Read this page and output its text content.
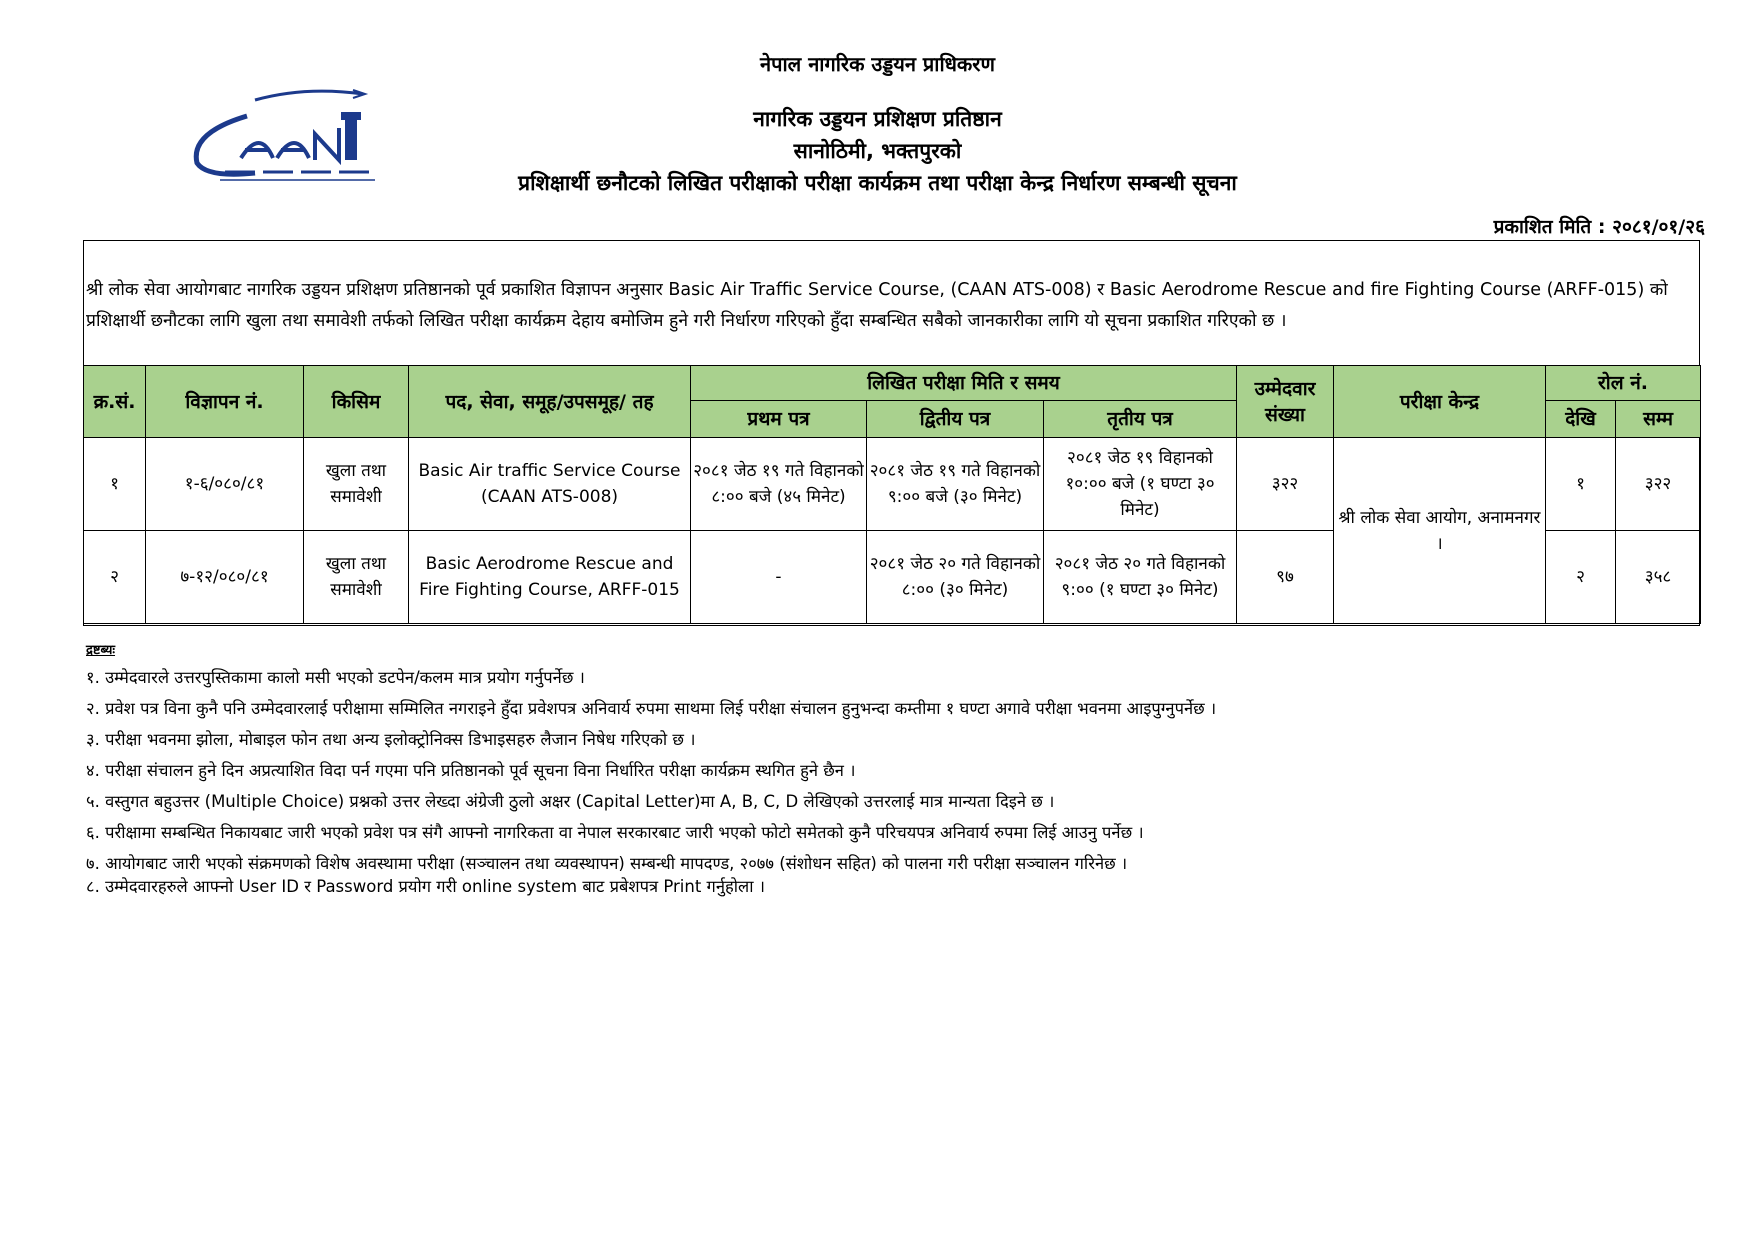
नेपाल नागरिक उड्डयन प्राधिकरण
नागरिक उड्डयन प्रशिक्षण प्रतिष्ठान
सानोठिमी, भक्तपुरको
प्रशिक्षार्थी छनौटको लिखित परीक्षाको परीक्षा कार्यक्रम तथा परीक्षा केन्द्र निर्धारण सम्बन्धी सूचना
प्रकाशित मिति : २०८१/०१/२६
श्री लोक सेवा आयोगबाट नागरिक उड्डयन प्रशिक्षण प्रतिष्ठानको पूर्व प्रकाशित विज्ञापन अनुसार Basic Air Traffic Service Course, (CAAN ATS-008) र Basic Aerodrome Rescue and fire Fighting Course (ARFF-015) को प्रशिक्षार्थी छनौटका लागि खुला तथा समावेशी तर्फको लिखित परीक्षा कार्यक्रम देहाय बमोजिम हुने गरी निर्धारण गरिएको हुँदा सम्बन्धित सबैको जानकारीका लागि यो सूचना प्रकाशित गरिएको छ ।
क्र.सं.	विज्ञापन नं.	किसिम	पद, सेवा, समूह/उपसमूह/ तह	लिखित परीक्षा मिति र समय			उम्मेदवार संख्या	परीक्षा केन्द्र	रोल नं.	
				प्रथम पत्र	द्वितीय पत्र	तृतीय पत्र			देखि	सम्म
१	१-६/०८०/८१	खुला तथा समावेशी	Basic Air traffic Service Course (CAAN ATS-008)	२०८१ जेठ १९ गते विहानको ८:०० बजे (४५ मिनेट)	२०८१ जेठ १९ गते विहानको ९:०० बजे (३० मिनेट)	२०८१ जेठ १९ विहानको १०:०० बजे (१ घण्टा ३० मिनेट)	३२२	श्री लोक सेवा आयोग, अनामनगर ।	१	३२२
२	७-१२/०८०/८१	खुला तथा समावेशी	Basic Aerodrome Rescue and Fire Fighting Course, ARFF-015	-	२०८१ जेठ २० गते विहानको ८:०० (३० मिनेट)	२०८१ जेठ २० गते विहानको ९:०० (१ घण्टा ३० मिनेट)	९७		२	३५८
द्रष्टब्यः
१. उम्मेदवारले उत्तरपुस्तिकामा कालो मसी भएको डटपेन/कलम मात्र प्रयोग गर्नुपर्नेछ ।
२. प्रवेश पत्र विना कुनै पनि उम्मेदवारलाई परीक्षामा सम्मिलित नगराइने हुँदा प्रवेशपत्र अनिवार्य रुपमा साथमा लिई परीक्षा संचालन हुनुभन्दा कम्तीमा १ घण्टा अगावे परीक्षा भवनमा आइपुग्नुपर्नेछ ।
३. परीक्षा भवनमा झोला, मोबाइल फोन तथा अन्य इलोक्ट्रोनिक्स डिभाइसहरु लैजान निषेध गरिएको छ ।
४. परीक्षा संचालन हुने दिन अप्रत्याशित विदा पर्न गएमा पनि प्रतिष्ठानको पूर्व सूचना विना निर्धारित परीक्षा कार्यक्रम स्थगित हुने छैन ।
५. वस्तुगत बहुउत्तर (Multiple Choice) प्रश्नको उत्तर लेख्दा अंग्रेजी ठुलो अक्षर (Capital Letter)मा A, B, C, D लेखिएको उत्तरलाई मात्र मान्यता दिइने छ ।
६. परीक्षामा सम्बन्धित निकायबाट जारी भएको प्रवेश पत्र संगै आफ्नो नागरिकता वा नेपाल सरकारबाट जारी भएको फोटो समेतको कुनै परिचयपत्र अनिवार्य रुपमा लिई आउनु पर्नेछ ।
७. आयोगबाट जारी भएको संक्रमणको विशेष अवस्थामा परीक्षा (सञ्चालन तथा व्यवस्थापन) सम्बन्धी मापदण्ड, २०७७ (संशोधन सहित) को पालना गरी परीक्षा सञ्चालन गरिनेछ ।
८. उम्मेदवारहरुले आफ्नो User ID र Password प्रयोग गरी online system बाट प्रबेशपत्र Print गर्नुहोला ।
